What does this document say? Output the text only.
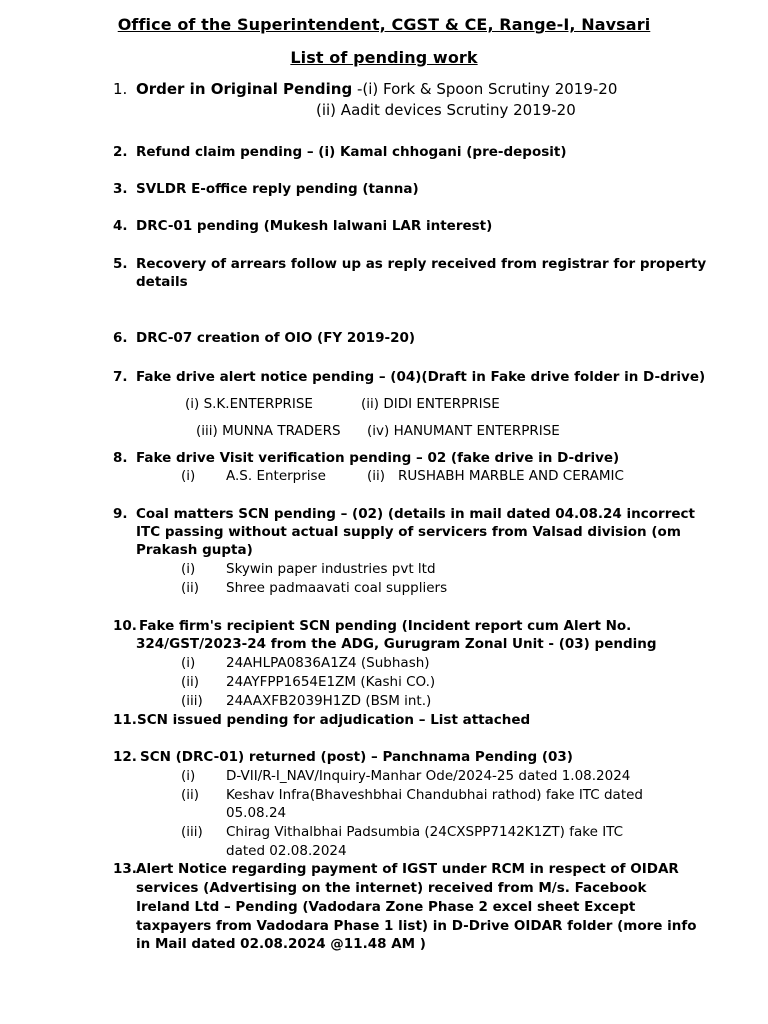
Office of the Superintendent, CGST & CE, Range-I, Navsari
List of pending work
1. Order in Original Pending -(i) Fork & Spoon Scrutiny 2019-20
(ii) Aadit devices Scrutiny 2019-20
2. Refund claim pending – (i) Kamal chhogani (pre-deposit)
3. SVLDR E-office reply pending (tanna)
4. DRC-01 pending (Mukesh lalwani LAR interest)
5. Recovery of arrears follow up as reply received from registrar for property
details
6. DRC-07 creation of OIO (FY 2019-20)
7. Fake drive alert notice pending – (04)(Draft in Fake drive folder in D-drive)
(i) S.K.ENTERPRISE	(ii) DIDI ENTERPRISE
(iii) MUNNA TRADERS (iv) HANUMANT ENTERPRISE
8. Fake drive Visit verification pending – 02 (fake drive in D-drive)
(i) A.S. Enterprise	(ii) RUSHABH MARBLE AND CERAMIC
9. Coal matters SCN pending – (02) (details in mail dated 04.08.24 incorrect
ITC passing without actual supply of servicers from Valsad division (om
Prakash gupta)
(i) Skywin paper industries pvt ltd
(ii) Shree padmaavati coal suppliers
10. Fake firm's recipient SCN pending (Incident report cum Alert No.
324/GST/2023-24 from the ADG, Gurugram Zonal Unit - (03) pending
(i) 24AHLPA0836A1Z4 (Subhash)
(ii) 24AYFPP1654E1ZM (Kashi CO.)
(iii) 24AAXFB2039H1ZD (BSM int.)
11. SCN issued pending for adjudication – List attached
12. SCN (DRC-01) returned (post) – Panchnama Pending (03)
(i) D-VII/R-I_NAV/Inquiry-Manhar Ode/2024-25 dated 1.08.2024
(ii) Keshav Infra(Bhaveshbhai Chandubhai rathod) fake ITC dated
05.08.24
(iii) Chirag Vithalbhai Padsumbia (24CXSPP7142K1ZT) fake ITC
dated 02.08.2024
13. Alert Notice regarding payment of IGST under RCM in respect of OIDAR
services (Advertising on the internet) received from M/s. Facebook
Ireland Ltd – Pending (Vadodara Zone Phase 2 excel sheet Except
taxpayers from Vadodara Phase 1 list) in D-Drive OIDAR folder (more info
in Mail dated 02.08.2024 @11.48 AM )
